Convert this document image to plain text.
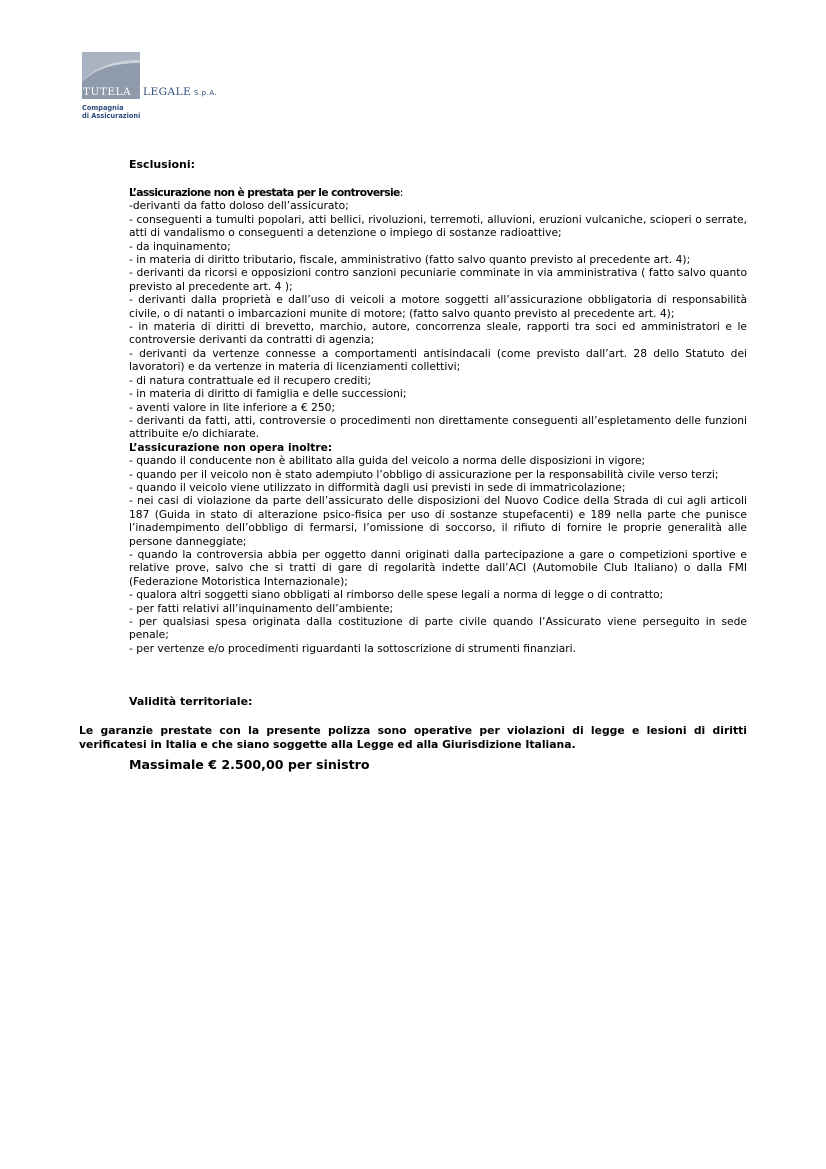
TUTELA LEGALE S.p.A.
Compagnia
di Assicurazioni
Esclusioni:
L’assicurazione non è prestata per le controversie:
-derivanti da fatto doloso dell’assicurato;
- conseguenti a tumulti popolari, atti bellici, rivoluzioni, terremoti, alluvioni, eruzioni vulcaniche, scioperi o serrate, atti di vandalismo o conseguenti a detenzione o impiego di sostanze radioattive;
- da inquinamento;
- in materia di diritto tributario, fiscale, amministrativo (fatto salvo quanto previsto al precedente art. 4);
- derivanti da ricorsi e opposizioni contro sanzioni pecuniarie comminate in via amministrativa ( fatto salvo quanto previsto al precedente art. 4 );
- derivanti dalla proprietà e dall’uso di veicoli a motore soggetti all’assicurazione obbligatoria di responsabilità civile, o di natanti o imbarcazioni munite di motore; (fatto salvo quanto previsto al precedente art. 4);
- in materia di diritti di brevetto, marchio, autore, concorrenza sleale, rapporti tra soci ed amministratori e le controversie derivanti da contratti di agenzia;
- derivanti da vertenze connesse a comportamenti antisindacali (come previsto dall’art. 28 dello Statuto dei lavoratori) e da vertenze in materia di licenziamenti collettivi;
- di natura contrattuale ed il recupero crediti;
- in materia di diritto di famiglia e delle successioni;
- aventi valore in lite inferiore a € 250;
- derivanti da fatti, atti, controversie o procedimenti non direttamente conseguenti all’espletamento delle funzioni attribuite e/o dichiarate.
L’assicurazione non opera inoltre:
- quando il conducente non è abilitato alla guida del veicolo a norma delle disposizioni in vigore;
- quando per il veicolo non è stato adempiuto l’obbligo di assicurazione per la responsabilità civile verso terzi;
- quando il veicolo viene utilizzato in difformità dagli usi previsti in sede di immatricolazione;
- nei casi di violazione da parte dell’assicurato delle disposizioni del Nuovo Codice della Strada di cui agli articoli 187 (Guida in stato di alterazione psico-fisica per uso di sostanze stupefacenti) e 189 nella parte che punisce l’inadempimento dell’obbligo di fermarsi, l’omissione di soccorso, il rifiuto di fornire le proprie generalità alle persone danneggiate;
- quando la controversia abbia per oggetto danni originati dalla partecipazione a gare o competizioni sportive e relative prove, salvo che si tratti di gare di regolarità indette dall’ACI (Automobile Club Italiano) o dalla FMI (Federazione Motoristica Internazionale);
- qualora altri soggetti siano obbligati al rimborso delle spese legali a norma di legge o di contratto;
- per fatti relativi all’inquinamento dell’ambiente;
- per qualsiasi spesa originata dalla costituzione di parte civile quando l’Assicurato viene perseguito in sede penale;
- per vertenze e/o procedimenti riguardanti la sottoscrizione di strumenti finanziari.
Validità territoriale:
Le garanzie prestate con la presente polizza sono operative per violazioni di legge e lesioni di diritti verificatesi in Italia e che siano soggette alla Legge ed alla Giurisdizione Italiana.
Massimale € 2.500,00 per sinistro
